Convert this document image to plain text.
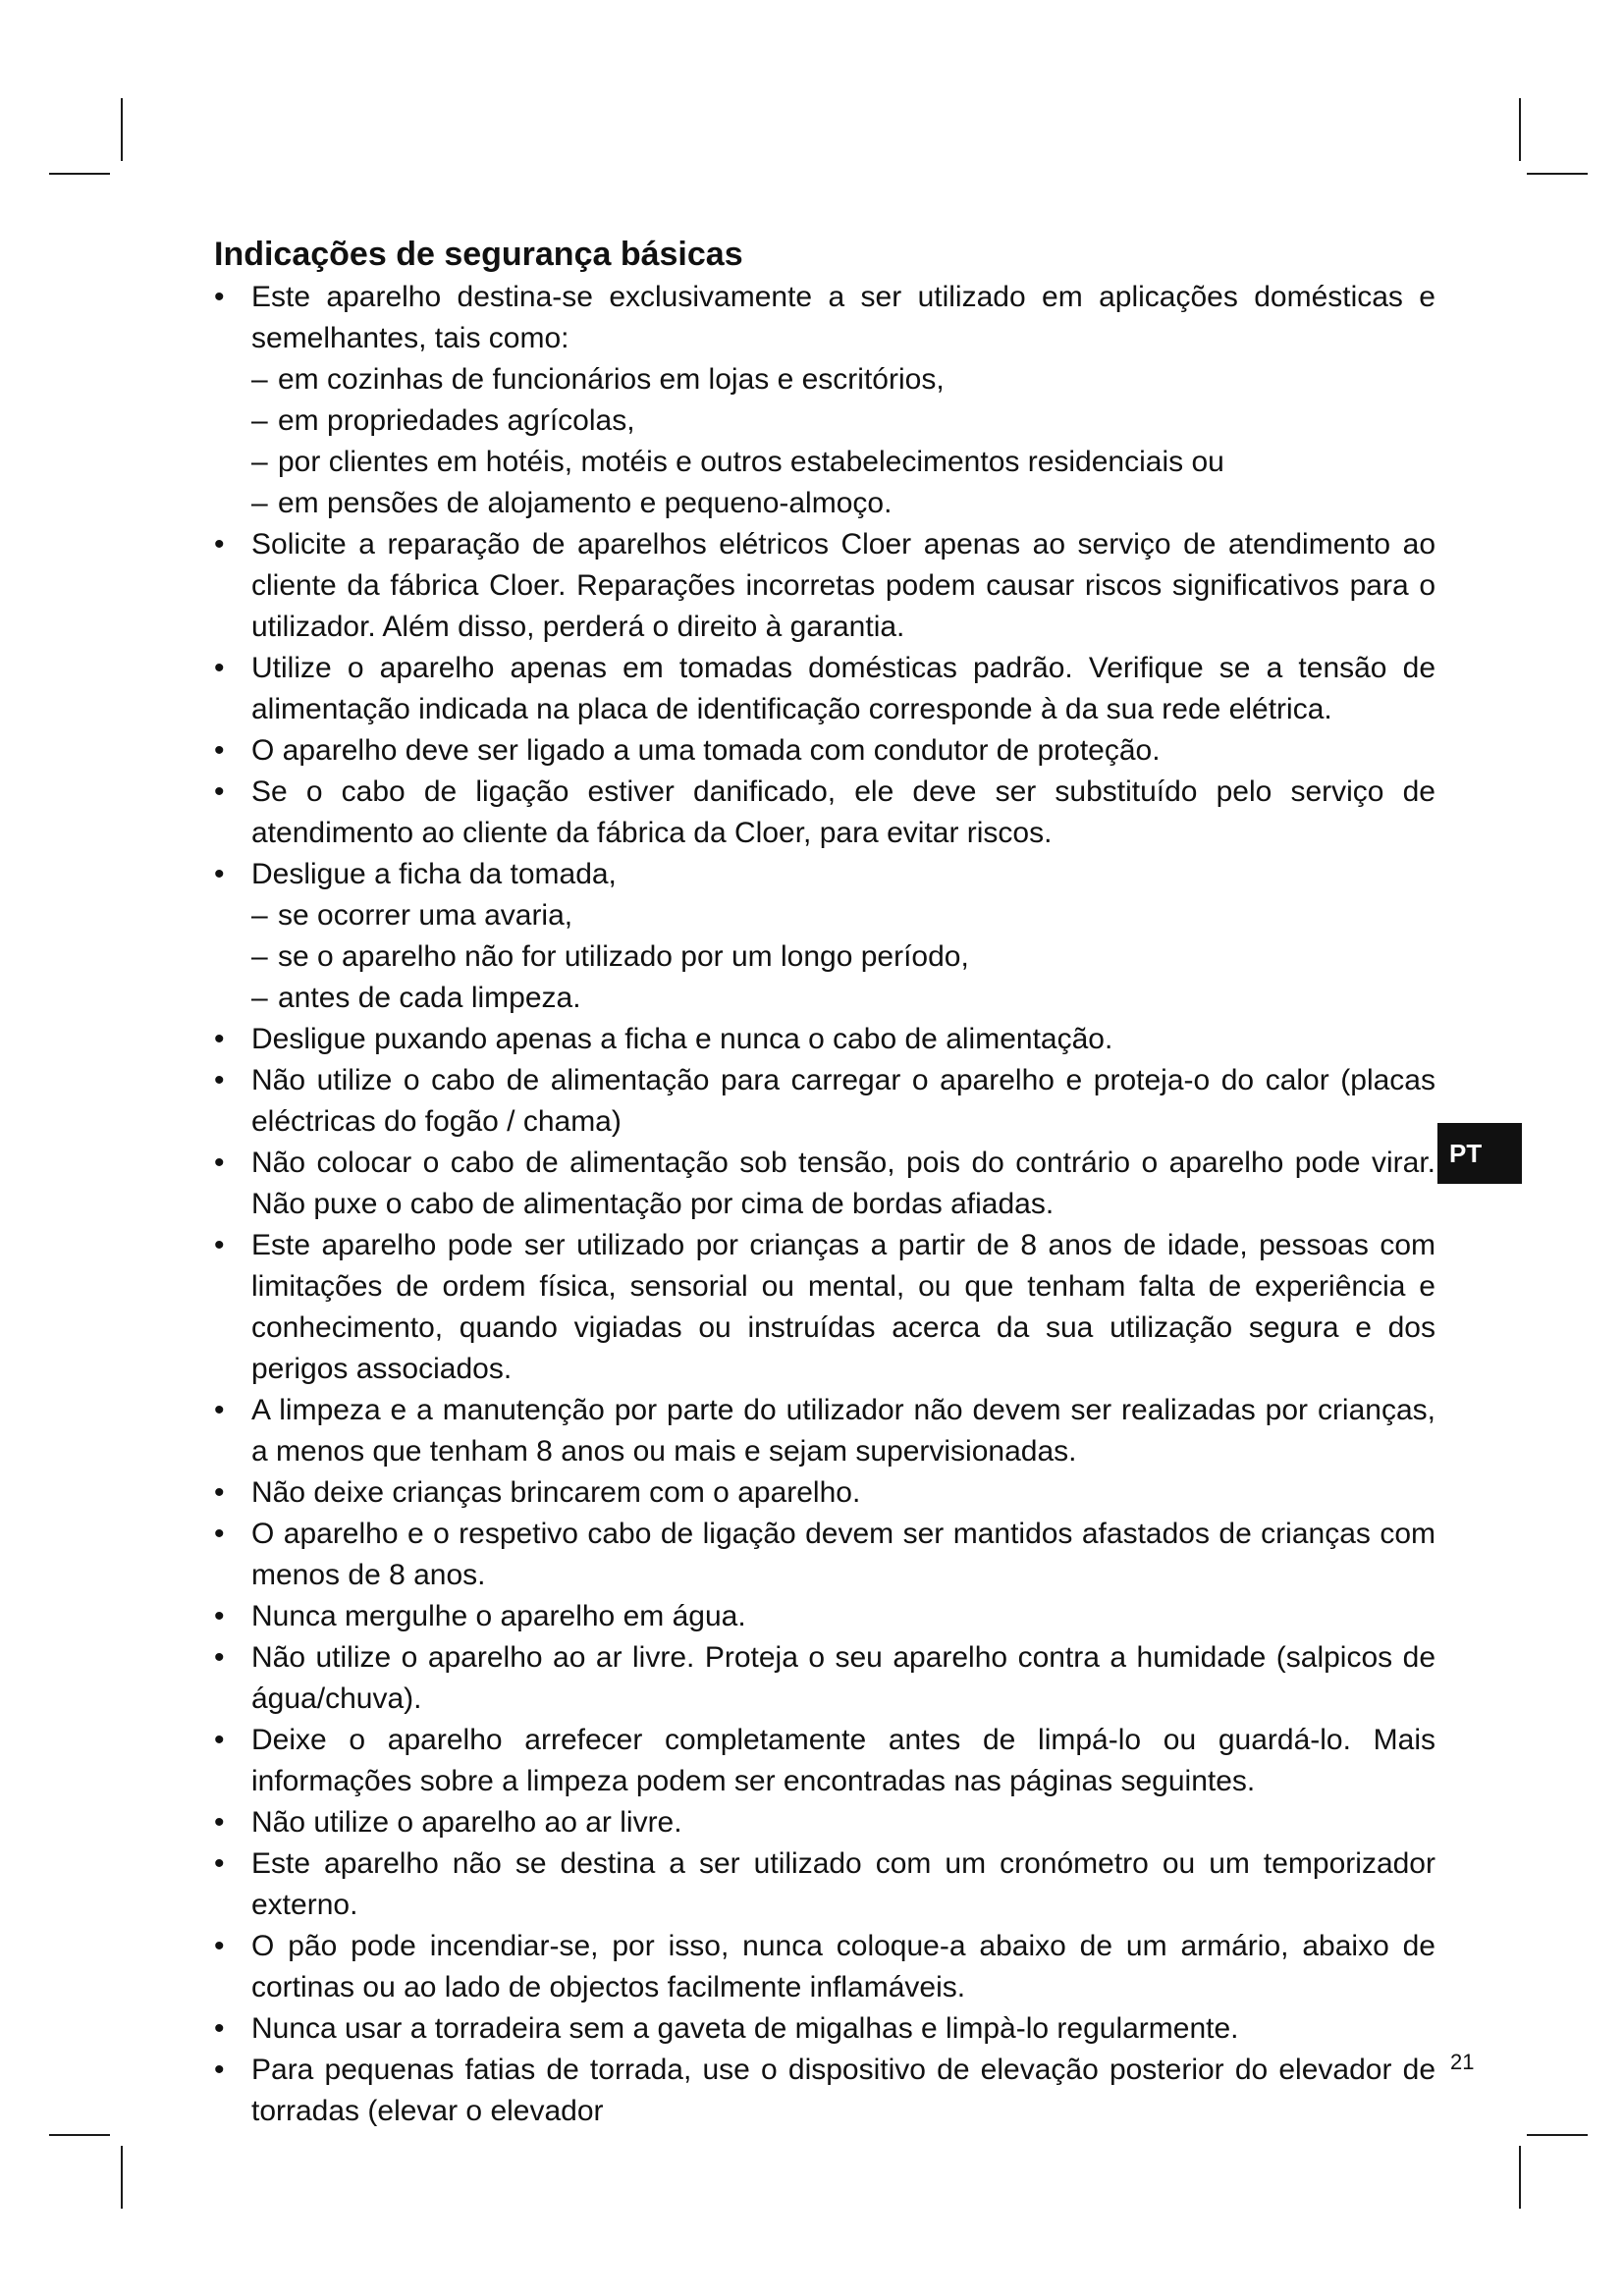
Indicações de segurança básicas
• Este aparelho destina-se exclusivamente a ser utilizado em aplicações domésticas e semelhantes, tais como:
– em cozinhas de funcionários em lojas e escritórios,
– em propriedades agrícolas,
– por clientes em hotéis, motéis e outros estabelecimentos residenciais ou
– em pensões de alojamento e pequeno-almoço.
• Solicite a reparação de aparelhos elétricos Cloer apenas ao serviço de atendimento ao cliente da fábrica Cloer. Reparações incorretas podem causar riscos significativos para o utilizador. Além disso, perderá o direito à garantia.
• Utilize o aparelho apenas em tomadas domésticas padrão. Verifique se a tensão de alimentação indicada na placa de identificação corresponde à da sua rede elétrica.
• O aparelho deve ser ligado a uma tomada com condutor de proteção.
• Se o cabo de ligação estiver danificado, ele deve ser substituído pelo serviço de atendimento ao cliente da fábrica da Cloer, para evitar riscos.
• Desligue a ficha da tomada,
– se ocorrer uma avaria,
– se o aparelho não for utilizado por um longo período,
– antes de cada limpeza.
• Desligue puxando apenas a ficha e nunca o cabo de alimentação.
• Não utilize o cabo de alimentação para carregar o aparelho e proteja-o do calor (placas eléctricas do fogão / chama)
• Não colocar o cabo de alimentação sob tensão, pois do contrário o aparelho pode virar. Não puxe o cabo de alimentação por cima de bordas afiadas.
• Este aparelho pode ser utilizado por crianças a partir de 8 anos de idade, pessoas com limitações de ordem física, sensorial ou mental, ou que tenham falta de experiência e conhecimento, quando vigiadas ou instruídas acerca da sua utilização segura e dos perigos associados.
• A limpeza e a manutenção por parte do utilizador não devem ser realizadas por crianças, a menos que tenham 8 anos ou mais e sejam supervisionadas.
• Não deixe crianças brincarem com o aparelho.
• O aparelho e o respetivo cabo de ligação devem ser mantidos afastados de crianças com menos de 8 anos.
• Nunca mergulhe o aparelho em água.
• Não utilize o aparelho ao ar livre. Proteja o seu aparelho contra a humidade (salpicos de água/chuva).
• Deixe o aparelho arrefecer completamente antes de limpá-lo ou guardá-lo. Mais informações sobre a limpeza podem ser encontradas nas páginas seguintes.
• Não utilize o aparelho ao ar livre.
• Este aparelho não se destina a ser utilizado com um cronómetro ou um temporizador externo.
• O pão pode incendiar-se, por isso, nunca coloque-a abaixo de um armário, abaixo de cortinas ou ao lado de objectos facilmente inflamáveis.
• Nunca usar a torradeira sem a gaveta de migalhas e limpà-lo regularmente.
• Para pequenas fatias de torrada, use o dispositivo de elevação posterior do elevador de torradas (elevar o elevador
PT
21
